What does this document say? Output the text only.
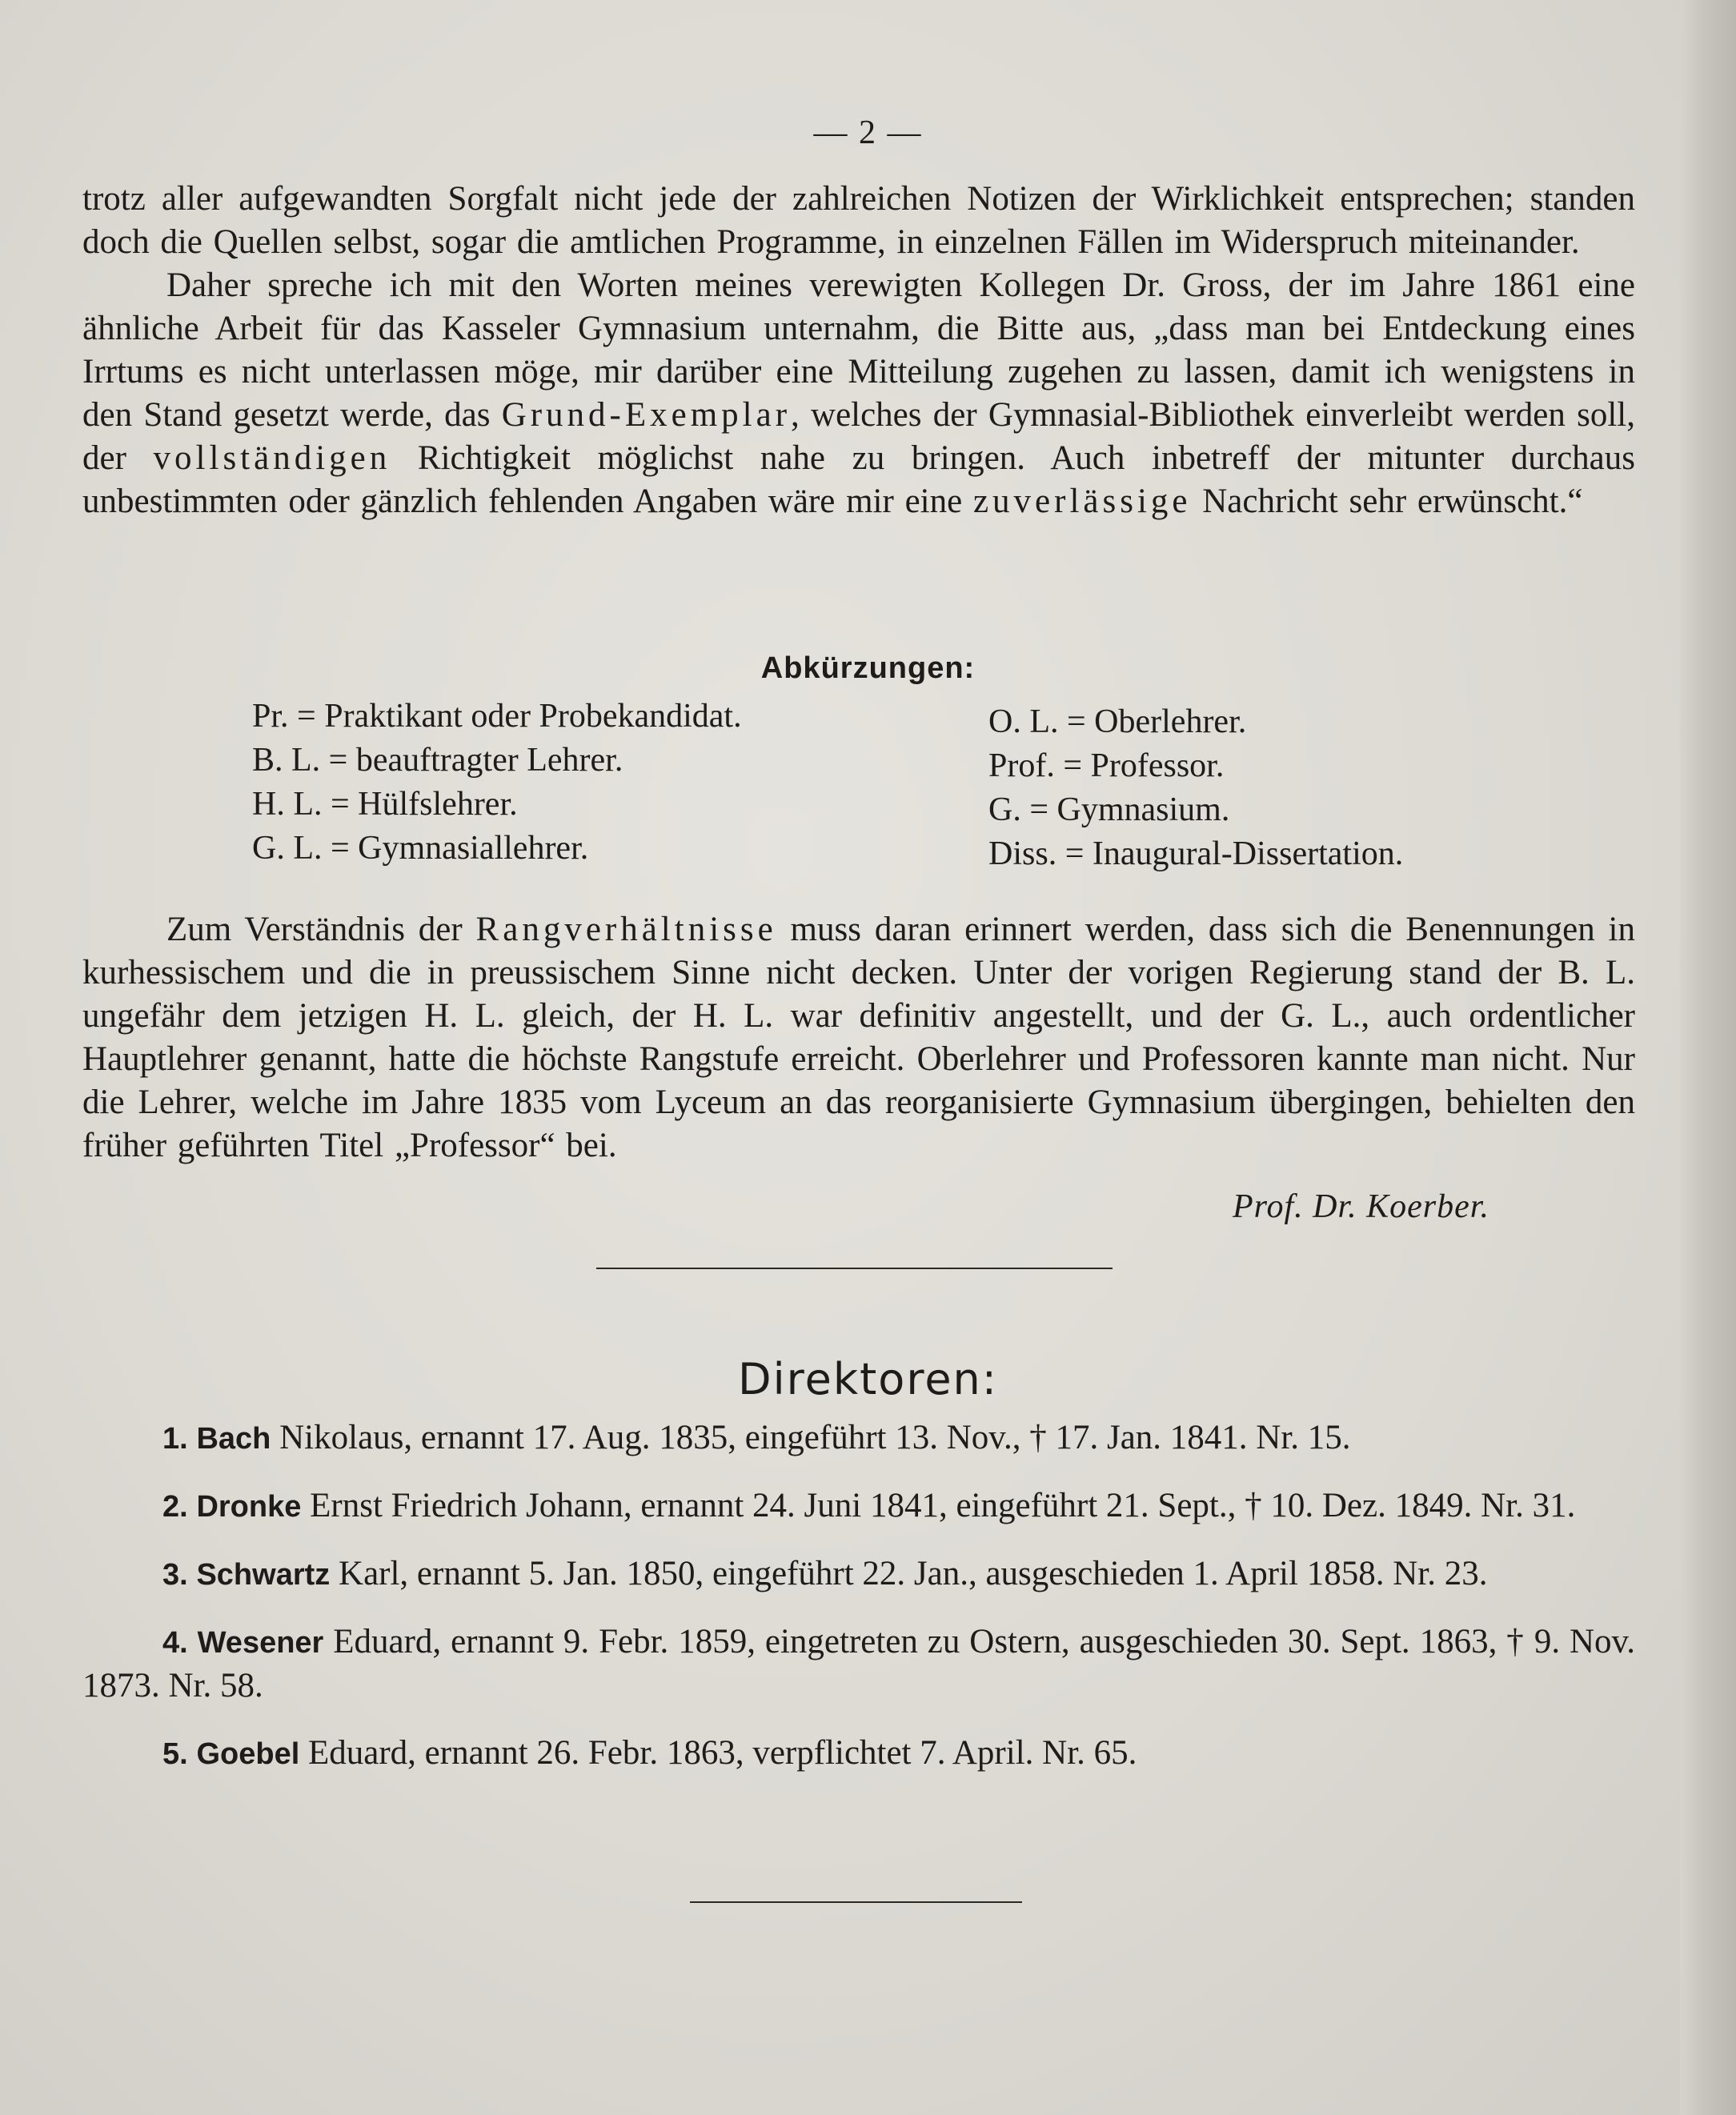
— 2 —

trotz aller aufgewandten Sorgfalt nicht jede der zahlreichen Notizen der Wirklichkeit entsprechen; standen doch die Quellen selbst, sogar die amtlichen Programme, in einzelnen Fällen im Widerspruch miteinander.

Daher spreche ich mit den Worten meines verewigten Kollegen Dr. Gross, der im Jahre 1861 eine ähnliche Arbeit für das Kasseler Gymnasium unternahm, die Bitte aus, „dass man bei Entdeckung eines Irrtums es nicht unterlassen möge, mir darüber eine Mitteilung zugehen zu lassen, damit ich wenigstens in den Stand gesetzt werde, das Grund-Exemplar, welches der Gymnasial-Bibliothek einverleibt werden soll, der vollständigen Richtigkeit möglichst nahe zu bringen. Auch inbetreff der mitunter durchaus unbestimmten oder gänzlich fehlenden Angaben wäre mir eine zuverlässige Nachricht sehr erwünscht.“

Abkürzungen:
Pr. = Praktikant oder Probekandidat.
B. L. = beauftragter Lehrer.
H. L. = Hülfslehrer.
G. L. = Gymnasiallehrer.
O. L. = Oberlehrer.
Prof. = Professor.
G. = Gymnasium.
Diss. = Inaugural-Dissertation.

Zum Verständnis der Rangverhältnisse muss daran erinnert werden, dass sich die Benennungen in kurhessischem und die in preussischem Sinne nicht decken. Unter der vorigen Regierung stand der B. L. ungefähr dem jetzigen H. L. gleich, der H. L. war definitiv angestellt, und der G. L., auch ordentlicher Hauptlehrer genannt, hatte die höchste Rangstufe erreicht. Oberlehrer und Professoren kannte man nicht. Nur die Lehrer, welche im Jahre 1835 vom Lyceum an das reorganisierte Gymnasium übergingen, behielten den früher geführten Titel „Professor“ bei.

Prof. Dr. Koerber.
Direktoren:

1. Bach Nikolaus, ernannt 17. Aug. 1835, eingeführt 13. Nov., † 17. Jan. 1841. Nr. 15.

2. Dronke Ernst Friedrich Johann, ernannt 24. Juni 1841, eingeführt 21. Sept., † 10. Dez. 1849. Nr. 31.

3. Schwartz Karl, ernannt 5. Jan. 1850, eingeführt 22. Jan., ausgeschieden 1. April 1858. Nr. 23.

4. Wesener Eduard, ernannt 9. Febr. 1859, eingetreten zu Ostern, ausgeschieden 30. Sept. 1863, † 9. Nov. 1873. Nr. 58.

5. Goebel Eduard, ernannt 26. Febr. 1863, verpflichtet 7. April. Nr. 65.
